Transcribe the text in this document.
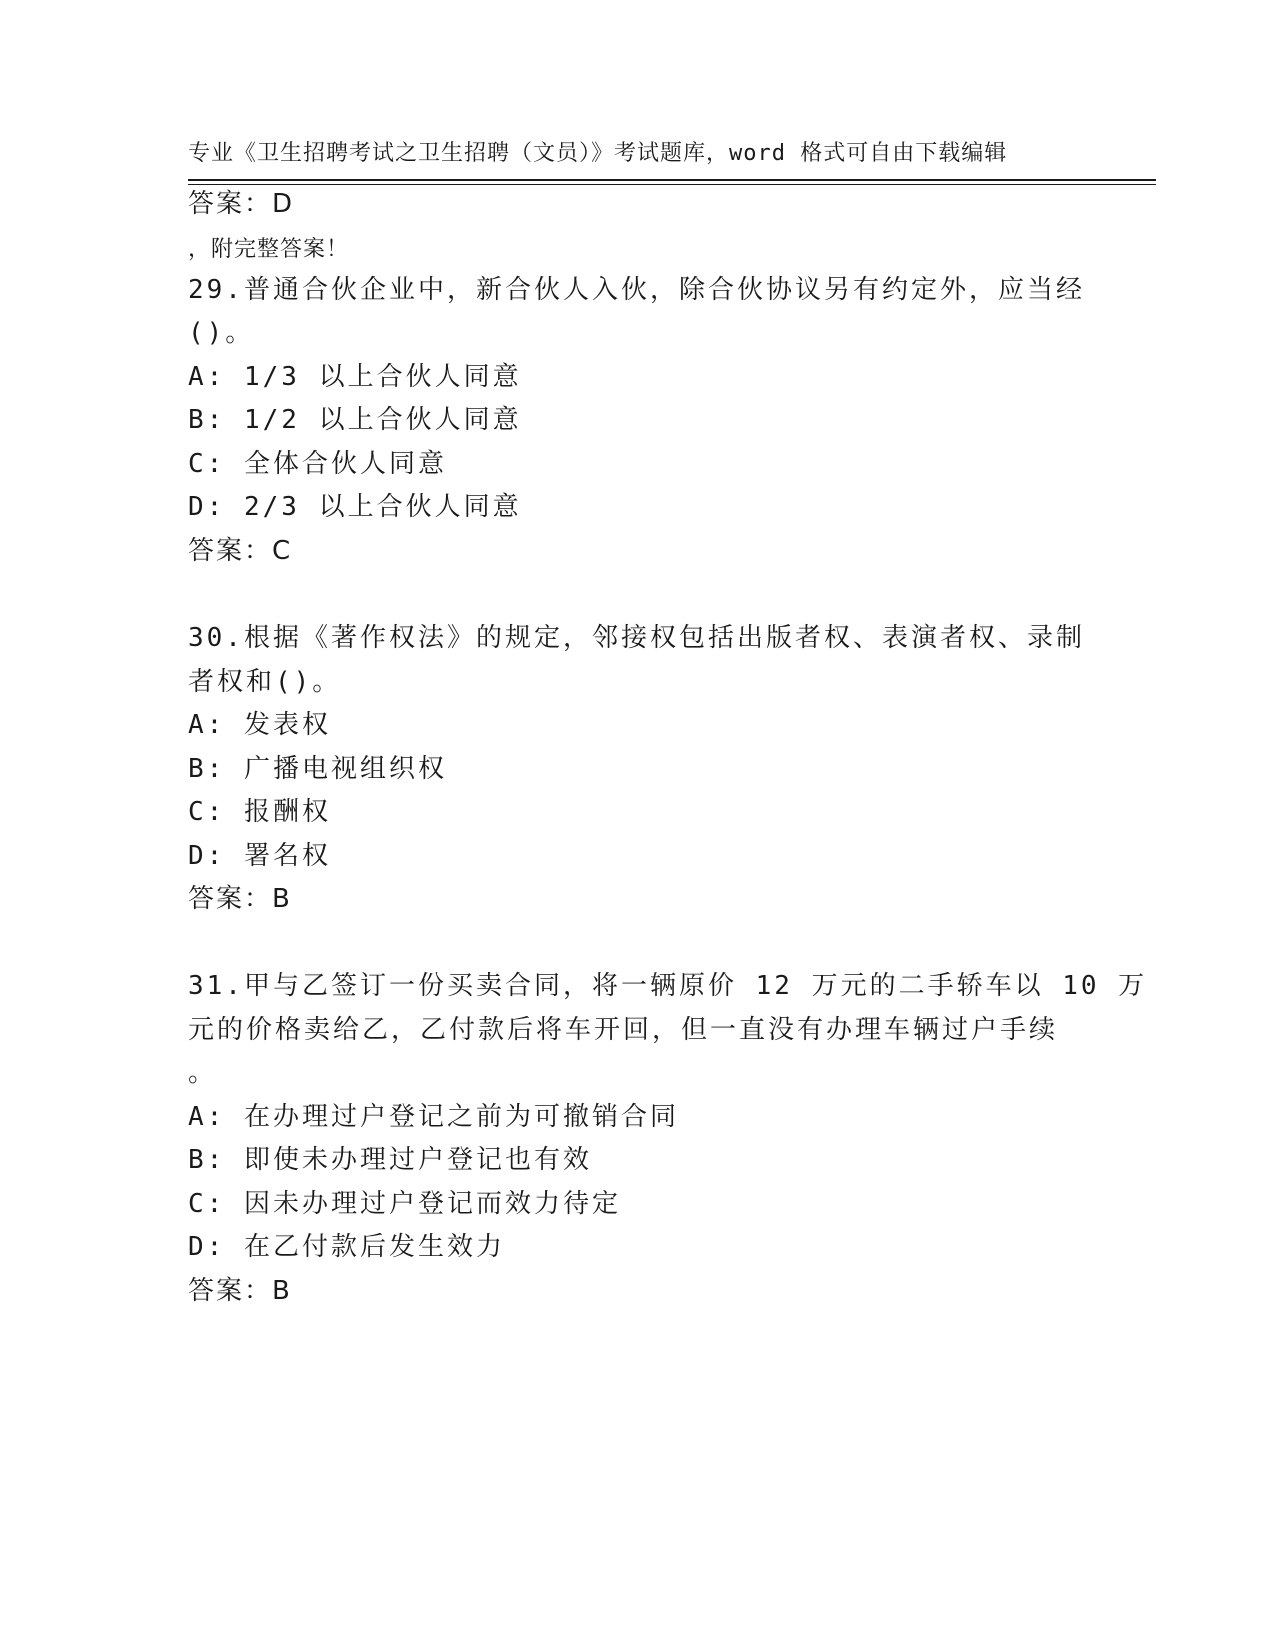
专业《卫生招聘考试之卫生招聘（文员）》考试题库，word 格式可自由下载编辑

，附完整答案！

答案：D
29.普通合伙企业中，新合伙人入伙，除合伙协议另有约定外，应当经
()。
A: 1/3 以上合伙人同意
B: 1/2 以上合伙人同意
C: 全体合伙人同意
D: 2/3 以上合伙人同意
答案：C
30.根据《著作权法》的规定，邻接权包括出版者权、表演者权、录制
者权和()。
A: 发表权
B: 广播电视组织权
C: 报酬权
D: 署名权
答案：B
31.甲与乙签订一份买卖合同，将一辆原价 12 万元的二手轿车以 10 万
元的价格卖给乙，乙付款后将车开回，但一直没有办理车辆过户手续
。
A: 在办理过户登记之前为可撤销合同
B: 即使未办理过户登记也有效
C: 因未办理过户登记而效力待定
D: 在乙付款后发生效力
答案：B
